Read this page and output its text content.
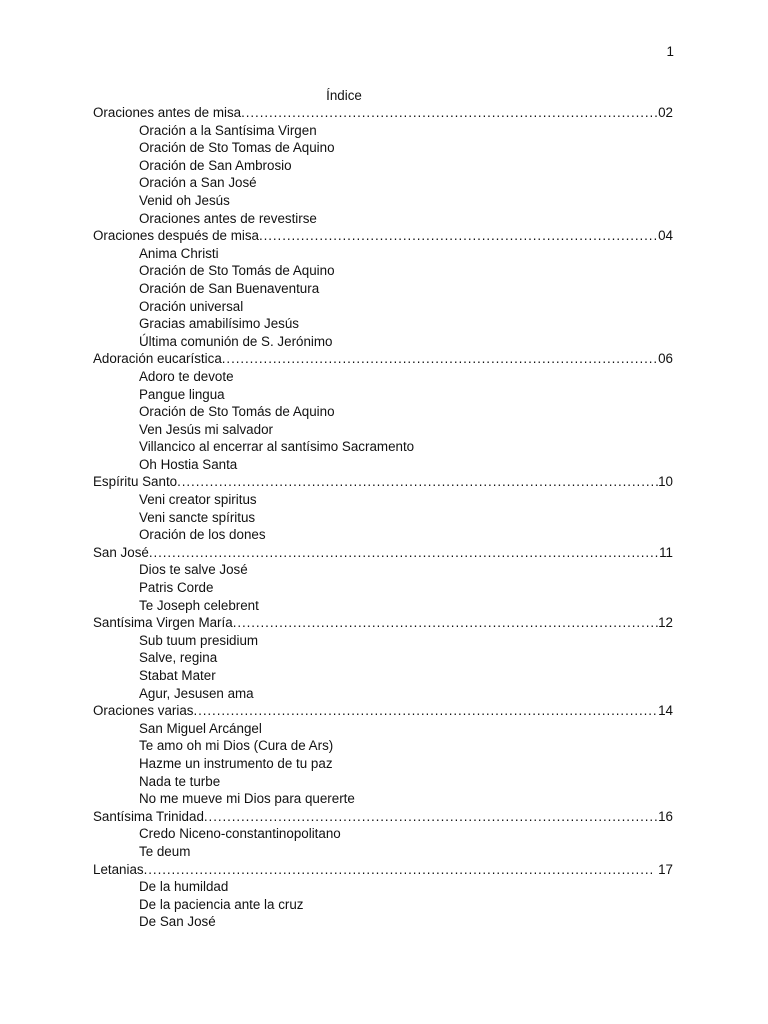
1
Índice
Oraciones antes de misa . . .	02
Oración a la Santísima Virgen
Oración de Sto Tomas de Aquino
Oración de San Ambrosio
Oración a San José
Venid oh Jesús
Oraciones antes de revestirse
Oraciones después de misa . . .	04
Anima Christi
Oración de Sto Tomás de Aquino
Oración de San Buenaventura
Oración universal
Gracias amabilísimo Jesús
Última comunión de S. Jerónimo
Adoración eucarística . . .	06
Adoro te devote
Pangue lingua
Oración de Sto Tomás de Aquino
Ven Jesús mi salvador
Villancico al encerrar al santísimo Sacramento
Oh Hostia Santa
Espíritu Santo . . .	10
Veni creator spiritus
Veni sancte spíritus
Oración de los dones
San José . . .	11
Dios te salve José
Patris Corde
Te Joseph celebrent
Santísima Virgen María . . .	12
Sub tuum presidium
Salve, regina
Stabat Mater
Agur, Jesusen ama
Oraciones varias . . .	14
San Miguel Arcángel
Te amo oh mi Dios (Cura de Ars)
Hazme un instrumento de tu paz
Nada te turbe
No me mueve mi Dios para quererte
Santísima Trinidad . . .	16
Credo Niceno-constantinopolitano
Te deum
Letanias . . .	17
De la humildad
De la paciencia ante la cruz
De San José
